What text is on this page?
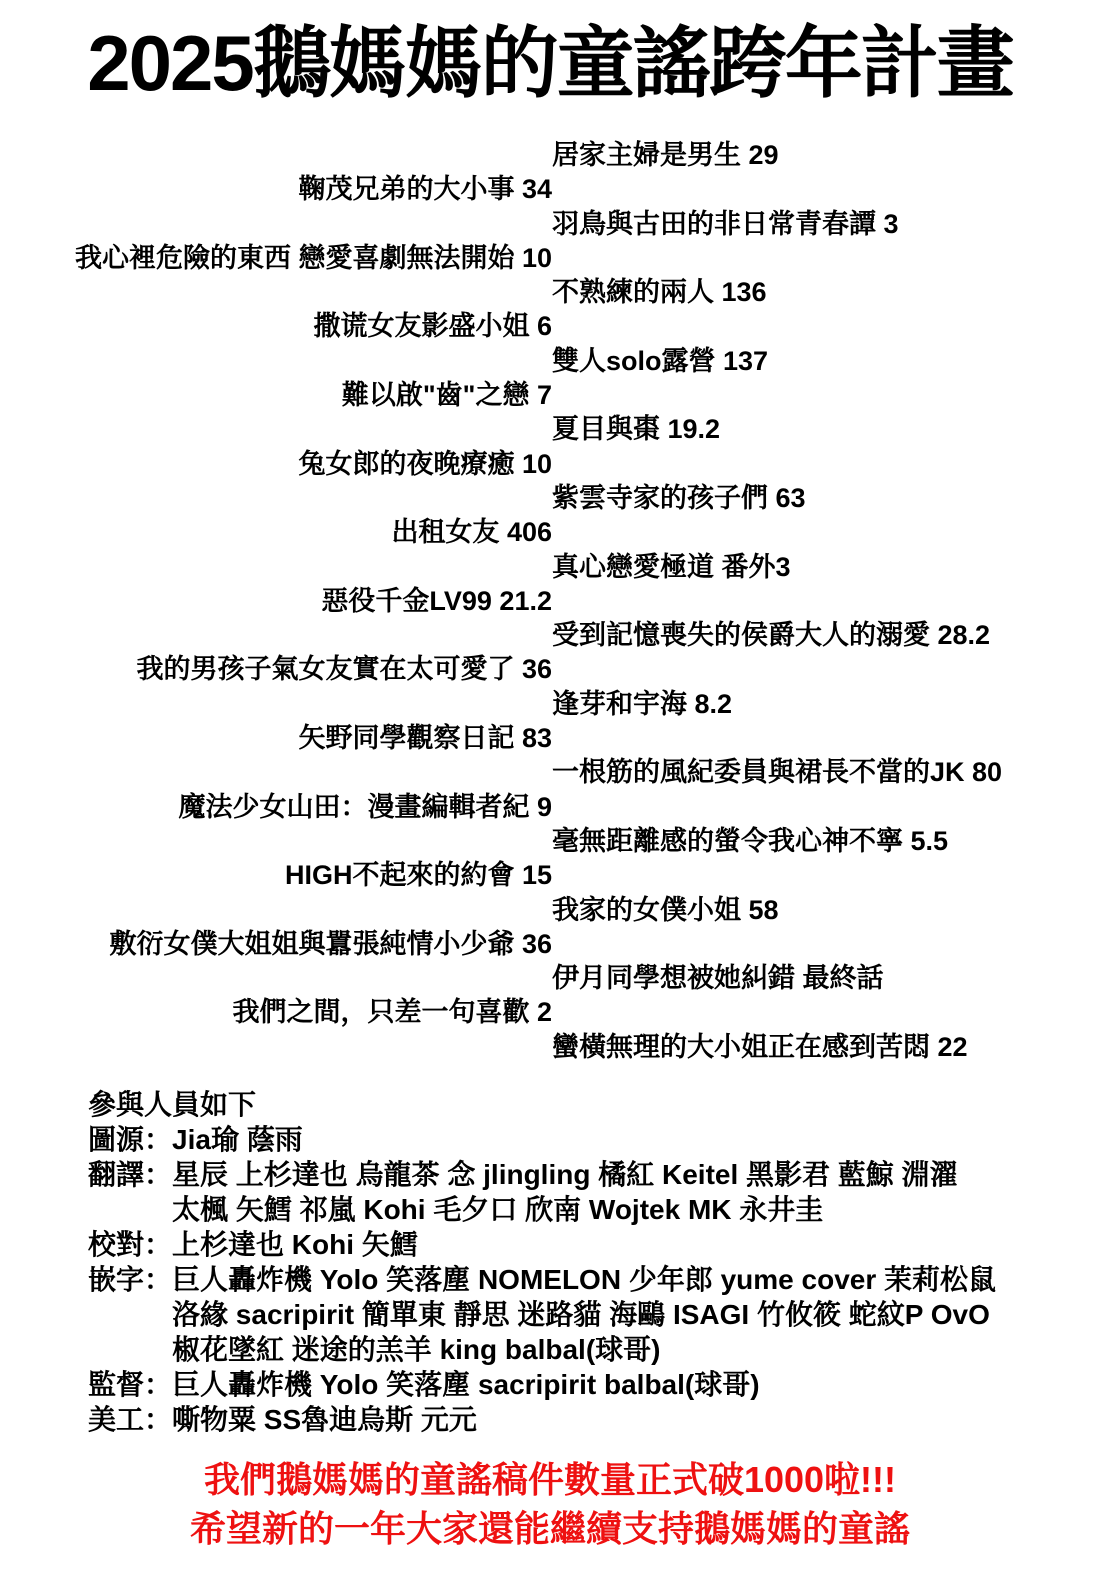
2025鵝媽媽的童謠跨年計畫
居家主婦是男生 29
鞠茂兄弟的大小事 34
羽鳥與古田的非日常青春譚 3
我心裡危險的東西 戀愛喜劇無法開始 10
不熟練的兩人 136
撒谎女友影盛小姐 6
雙人solo露營 137
難以啟"齒"之戀 7
夏目與棗 19.2
兔女郎的夜晚療癒 10
紫雲寺家的孩子們 63
出租女友 406
真心戀愛極道 番外3
惡役千金LV99 21.2
受到記憶喪失的侯爵大人的溺愛 28.2
我的男孩子氣女友實在太可愛了 36
逢芽和宇海 8.2
矢野同學觀察日記 83
一根筋的風紀委員與裙長不當的JK 80
魔法少女山田：漫畫編輯者紀 9
毫無距離感的螢令我心神不寧 5.5
HIGH不起來的約會 15
我家的女僕小姐 58
敷衍女僕大姐姐與囂張純情小少爺 36
伊月同學想被她糾錯 最終話
我們之間，只差一句喜歡 2
蠻橫無理的大小姐正在感到苦悶 22
參與人員如下
圖源： Jia瑜 蔭雨
翻譯： 星辰 上杉達也 烏龍茶 念 jlingling 橘紅 Keitel 黑影君 藍鯨 淵濯
太楓 矢鱈 祁嵐 Kohi 毛夕口 欣南 Wojtek MK 永井圭
校對： 上杉達也 Kohi 矢鱈
嵌字： 巨人轟炸機 Yolo 笑落塵 NOMELON 少年郎 yume cover 茉莉松鼠
洛緣 sacripirit 簡單東 靜思 迷路貓 海鷗 ISAGI 竹攸筱 蛇紋P OvO
椒花墜紅 迷途的羔羊 king balbal(球哥)
監督： 巨人轟炸機 Yolo 笑落塵 sacripirit balbal(球哥)
美工： 嘶物粟 SS魯迪烏斯 元元
我們鵝媽媽的童謠稿件數量正式破1000啦!!!
希望新的一年大家還能繼續支持鵝媽媽的童謠
